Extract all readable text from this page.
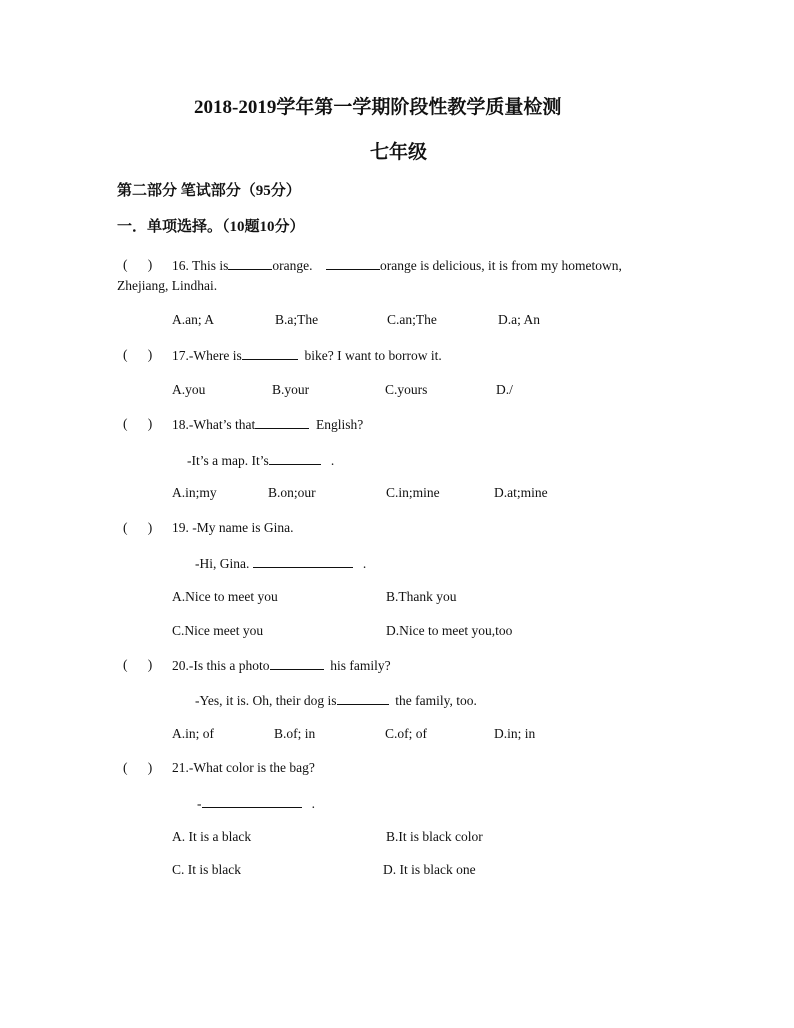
2018-2019学年第一学期阶段性教学质量检测
七年级
第二部分 笔试部分（95分）
一．单项选择。（10题10分）
(      ) 16. This is	orange.	orange is delicious, it is from my hometown,
Zhejiang, Lindhai.
A.an; A	B.a;The	C.an;The	D.a; An
(      ) 17.-Where is	bike? I want to borrow it.
A.you	B.your	C.yours	D./
(      ) 18.-What’s that	English?
-It’s a map. It’s	.
A.in;my	B.on;our	C.in;mine	D.at;mine
(      ) 19. -My name is Gina.
-Hi, Gina.	.
A.Nice to meet you	B.Thank you
C.Nice meet you	D.Nice to meet you,too
(      ) 20.-Is this a photo	his family?
-Yes, it is. Oh, their dog is	the family, too.
A.in; of	B.of; in	C.of; of	D.in; in
(      ) 21.-What color is the bag?
-	.
A. It is a black	B.It is black color
C. It is black	D. It is black one
